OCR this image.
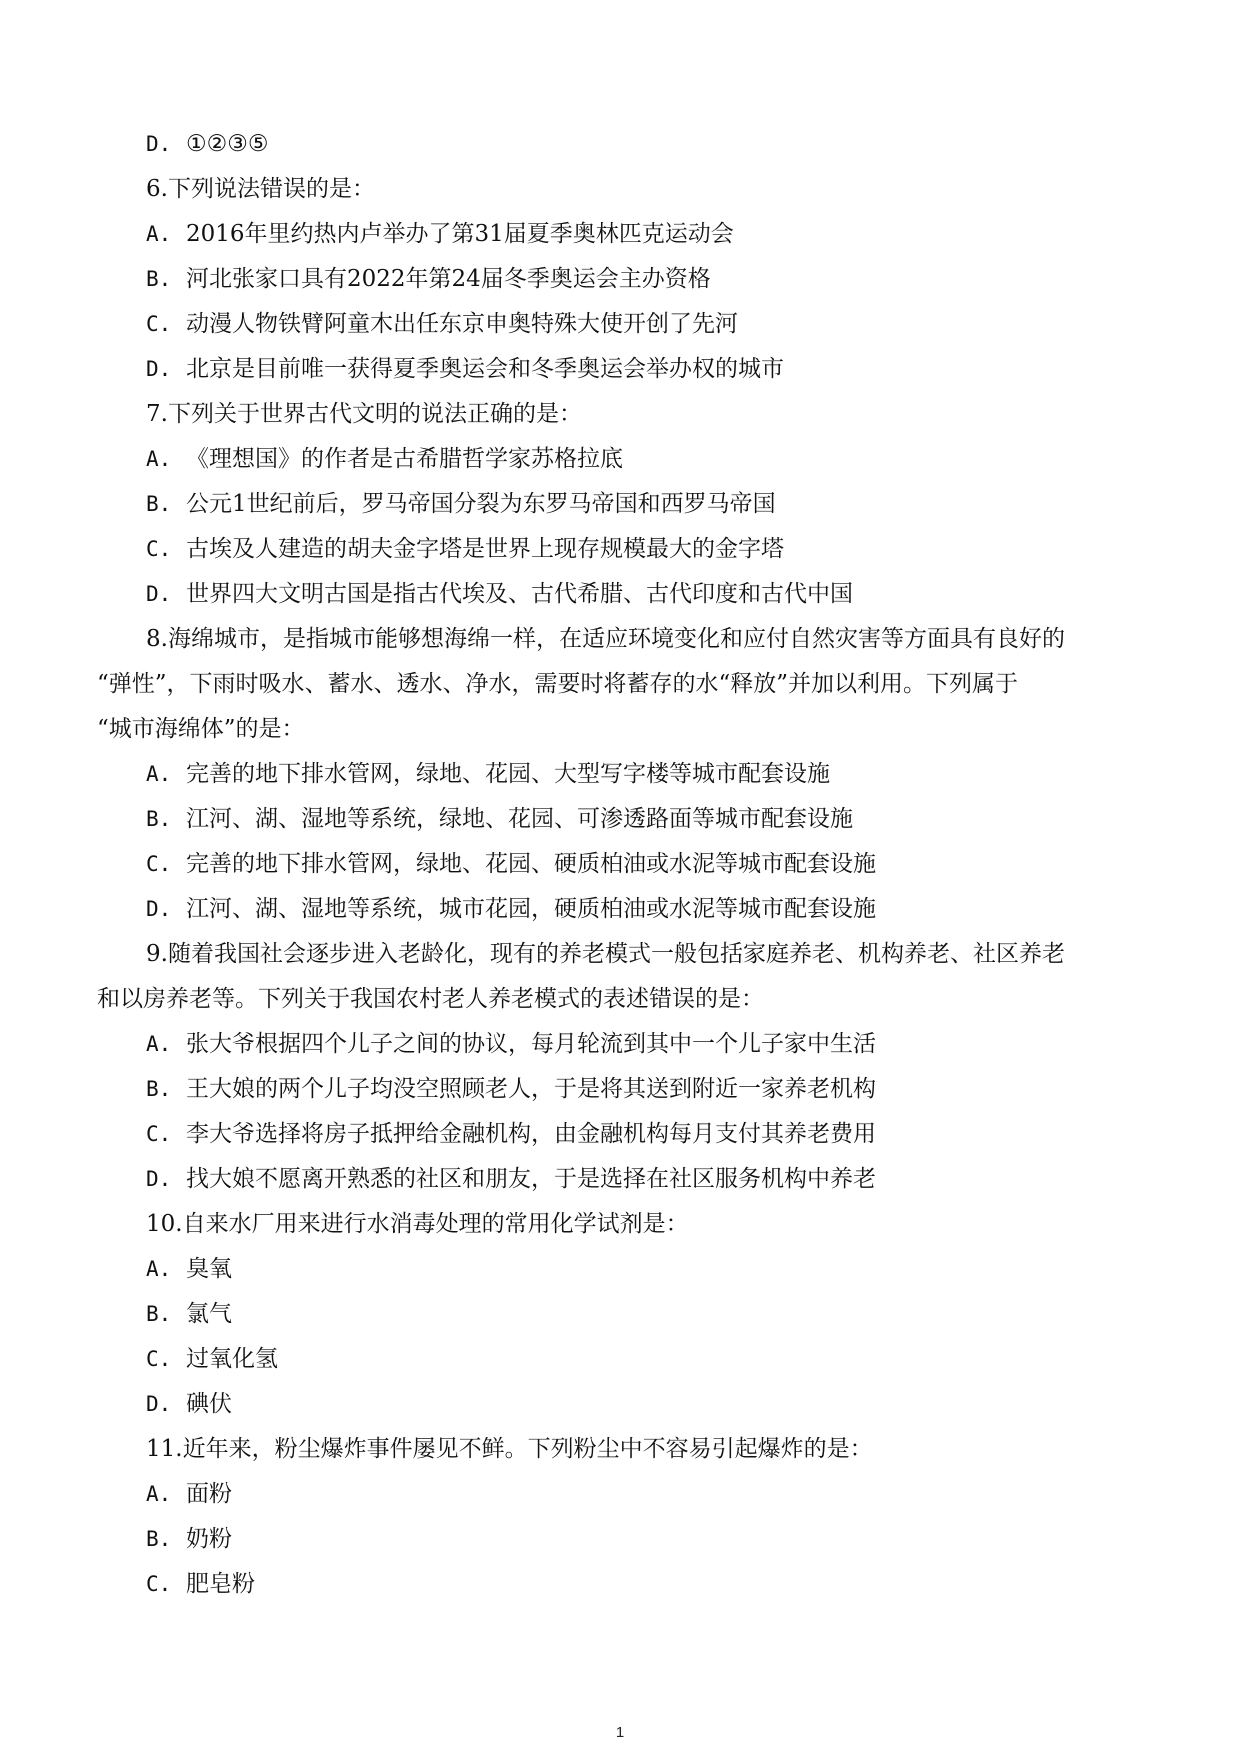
D. ①②③⑤
6.下列说法错误的是：
A. 2016年里约热内卢举办了第31届夏季奥林匹克运动会
B. 河北张家口具有2022年第24届冬季奥运会主办资格
C. 动漫人物铁臂阿童木出任东京申奥特殊大使开创了先河
D. 北京是目前唯一获得夏季奥运会和冬季奥运会举办权的城市
7.下列关于世界古代文明的说法正确的是：
A. 《理想国》的作者是古希腊哲学家苏格拉底
B. 公元1世纪前后，罗马帝国分裂为东罗马帝国和西罗马帝国
C. 古埃及人建造的胡夫金字塔是世界上现存规模最大的金字塔
D. 世界四大文明古国是指古代埃及、古代希腊、古代印度和古代中国
8.海绵城市，是指城市能够想海绵一样，在适应环境变化和应付自然灾害等方面具有良好的
“弹性”，下雨时吸水、蓄水、透水、净水，需要时将蓄存的水“释放”并加以利用。下列属于
“城市海绵体”的是：
A. 完善的地下排水管网，绿地、花园、大型写字楼等城市配套设施
B. 江河、湖、湿地等系统，绿地、花园、可渗透路面等城市配套设施
C. 完善的地下排水管网，绿地、花园、硬质柏油或水泥等城市配套设施
D. 江河、湖、湿地等系统，城市花园，硬质柏油或水泥等城市配套设施
9.随着我国社会逐步进入老龄化，现有的养老模式一般包括家庭养老、机构养老、社区养老
和以房养老等。下列关于我国农村老人养老模式的表述错误的是：
A. 张大爷根据四个儿子之间的协议，每月轮流到其中一个儿子家中生活
B. 王大娘的两个儿子均没空照顾老人，于是将其送到附近一家养老机构
C. 李大爷选择将房子抵押给金融机构，由金融机构每月支付其养老费用
D. 找大娘不愿离开熟悉的社区和朋友，于是选择在社区服务机构中养老
10.自来水厂用来进行水消毒处理的常用化学试剂是：
A. 臭氧
B. 氯气
C. 过氧化氢
D. 碘伏
11.近年来，粉尘爆炸事件屡见不鲜。下列粉尘中不容易引起爆炸的是：
A. 面粉
B. 奶粉
C. 肥皂粉
1
